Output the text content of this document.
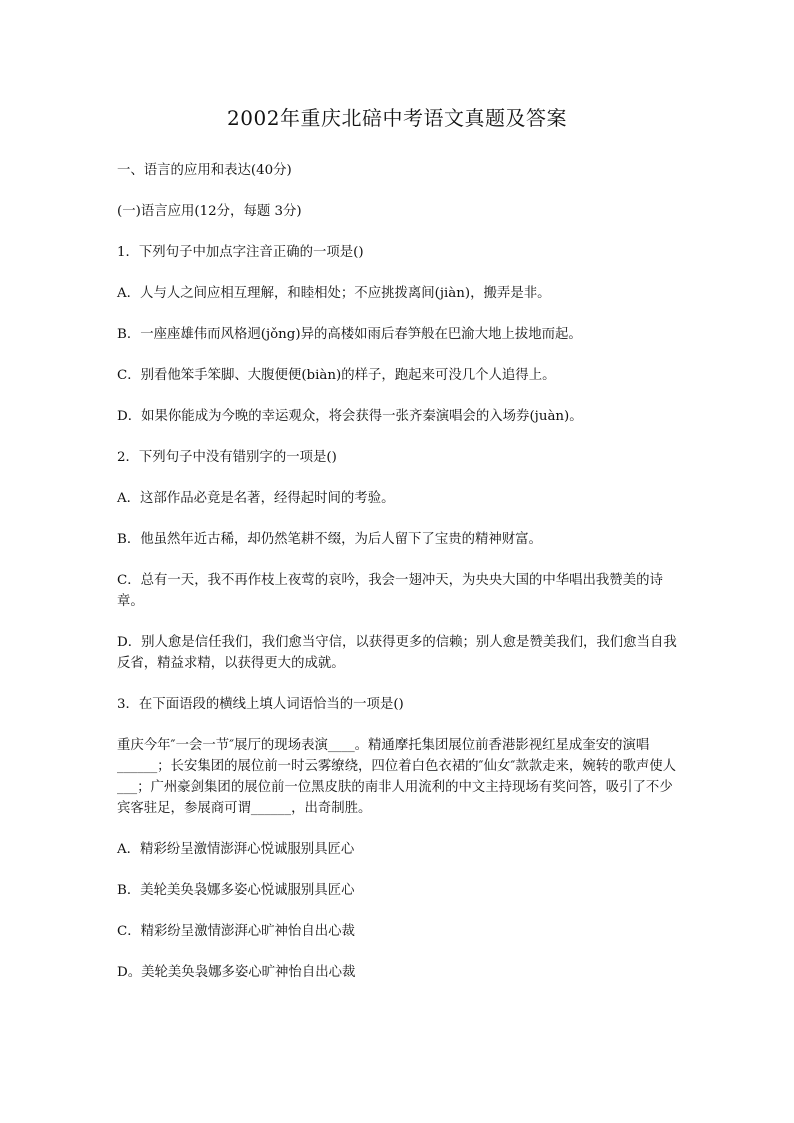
2002年重庆北碚中考语文真题及答案

一、语言的应用和表达(40分)

(一)语言应用(12分，每题 3分)

1．下列句子中加点字注音正确的一项是()

A．人与人之间应相互理解，和睦相处；不应挑拨离间(jiàn)，搬弄是非。

B．一座座雄伟而风格迥(jǒng)异的高楼如雨后春笋般在巴渝大地上拔地而起。

C．别看他笨手笨脚、大腹便便(biàn)的样子，跑起来可没几个人追得上。

D．如果你能成为今晚的幸运观众，将会获得一张齐秦演唱会的入场券(juàn)。

2．下列句子中没有错别字的一项是()

A．这部作品必竟是名著，经得起时间的考验。

B．他虽然年近古稀，却仍然笔耕不缀，为后人留下了宝贵的精神财富。

C．总有一天，我不再作枝上夜莺的哀吟，我会一翅冲天，为央央大国的中华唱出我赞美的诗章。

D．别人愈是信任我们，我们愈当守信，以获得更多的信赖；别人愈是赞美我们，我们愈当自我反省，精益求精，以获得更大的成就。

3．在下面语段的横线上填人词语恰当的一项是()

重庆今年″一会一节″展厅的现场表演____。精通摩托集团展位前香港影视红星成奎安的演唱______；长安集团的展位前一时云雾缭绕，四位着白色衣裙的″仙女″款款走来，婉转的歌声使人___；广州豪剑集团的展位前一位黑皮肤的南非人用流利的中文主持现场有奖问答，吸引了不少宾客驻足，参展商可谓______，出奇制胜。

A．精彩纷呈激情澎湃心悦诚服别具匠心

B．美轮美奂袅娜多姿心悦诚服别具匠心

C．精彩纷呈激情澎湃心旷神怡自出心裁

D。美轮美奂袅娜多姿心旷神怡自出心裁
